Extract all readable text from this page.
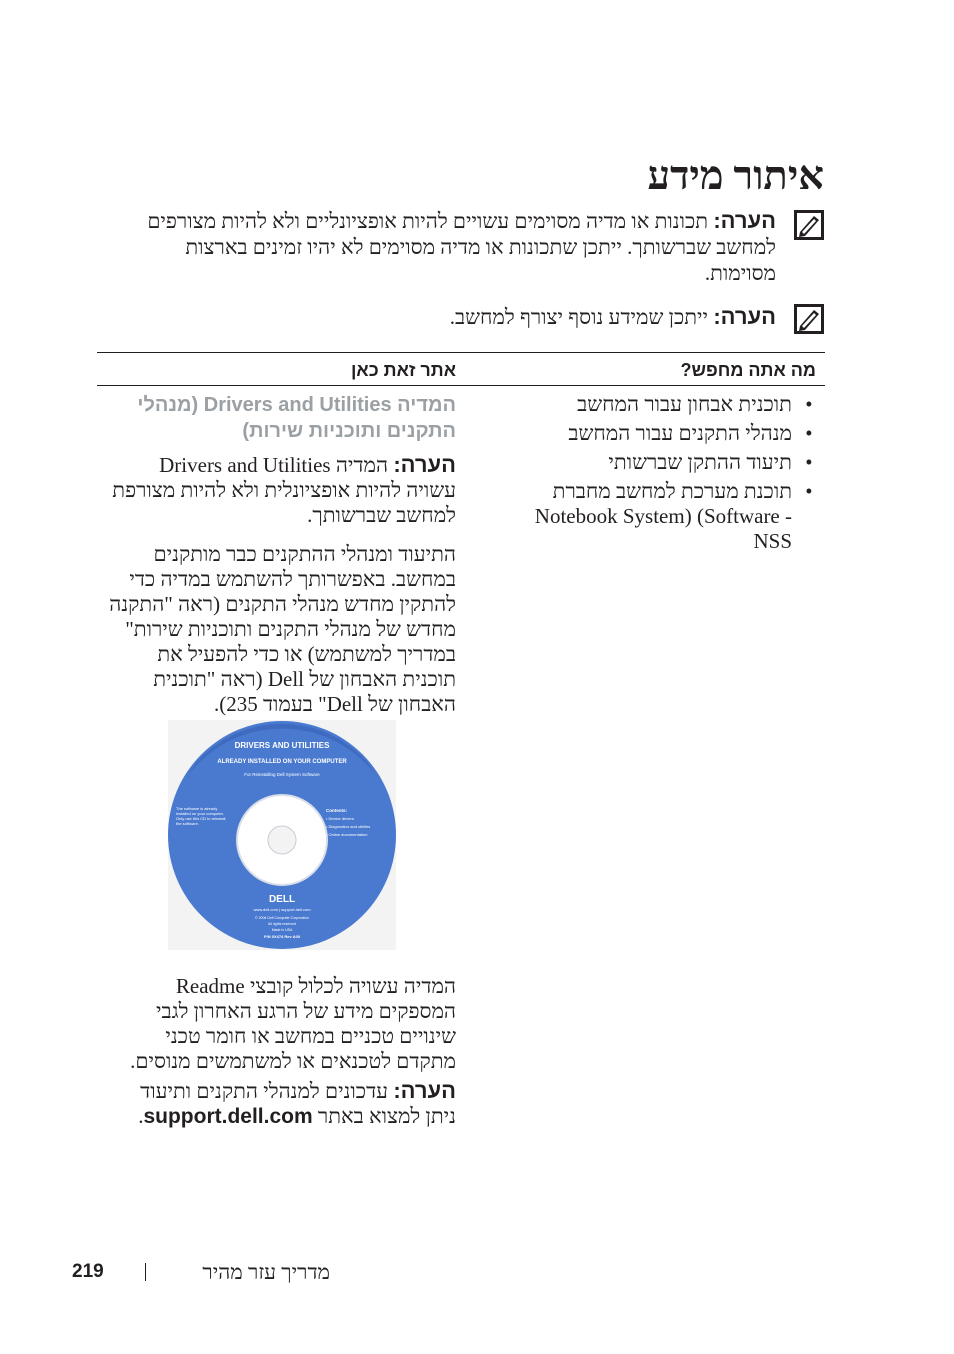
איתור מידע
הערה: תכונות או מדיה מסוימים עשויים להיות אופציונליים ולא להיות מצורפים למחשב שברשותך. ייתכן שתכונות או מדיה מסוימים לא יהיו זמינים בארצות מסוימות.
הערה: ייתכן שמידע נוסף יצורף למחשב.
מה אתה מחפש?
אתר זאת כאן
•
תוכנית אבחון עבור המחשב
•
מנהלי התקנים עבור המחשב
•
תיעוד ההתקן שברשותי
•
תוכנת מערכת למחשב מחברת Notebook System) (Software - NSS
המדיה Drivers and Utilities (מנהלי התקנים ותוכניות שירות)
הערה: המדיה Drivers and Utilities עשויה להיות אופציונלית ולא להיות מצורפת למחשב שברשותך.
התיעוד ומנהלי ההתקנים כבר מותקנים במחשב. באפשרותך להשתמש במדיה כדי להתקין מחדש מנהלי התקנים (ראה "התקנה מחדש של מנהלי התקנים ותוכניות שירות" במדריך למשתמש) או כדי להפעיל את תוכנית האבחון של Dell (ראה "תוכנית האבחון של Dell" בעמוד 235).
DRIVERS AND UTILITIES
ALREADY INSTALLED ON YOUR COMPUTER
For Reinstalling Dell System Software
The software is already installed on your computer. Only use this CD to reinstall the software.
Contents:
• Device drivers
• Diagnostics and utilities
• Online documentation
DELL
www.dell.com | support.dell.com
© 2006 Dell Computer Corporation
All rights reserved
Made in USA
P/N 0X474 Rev A00
המדיה עשויה לכלול קובצי Readme המספקים מידע של הרגע האחרון לגבי שינויים טכניים במחשב או חומר טכני מתקדם לטכנאים או למשתמשים מנוסים.
הערה: עדכונים למנהלי התקנים ותיעוד ניתן למצוא באתר support.dell.com.
מדריך עזר מהיר
219
